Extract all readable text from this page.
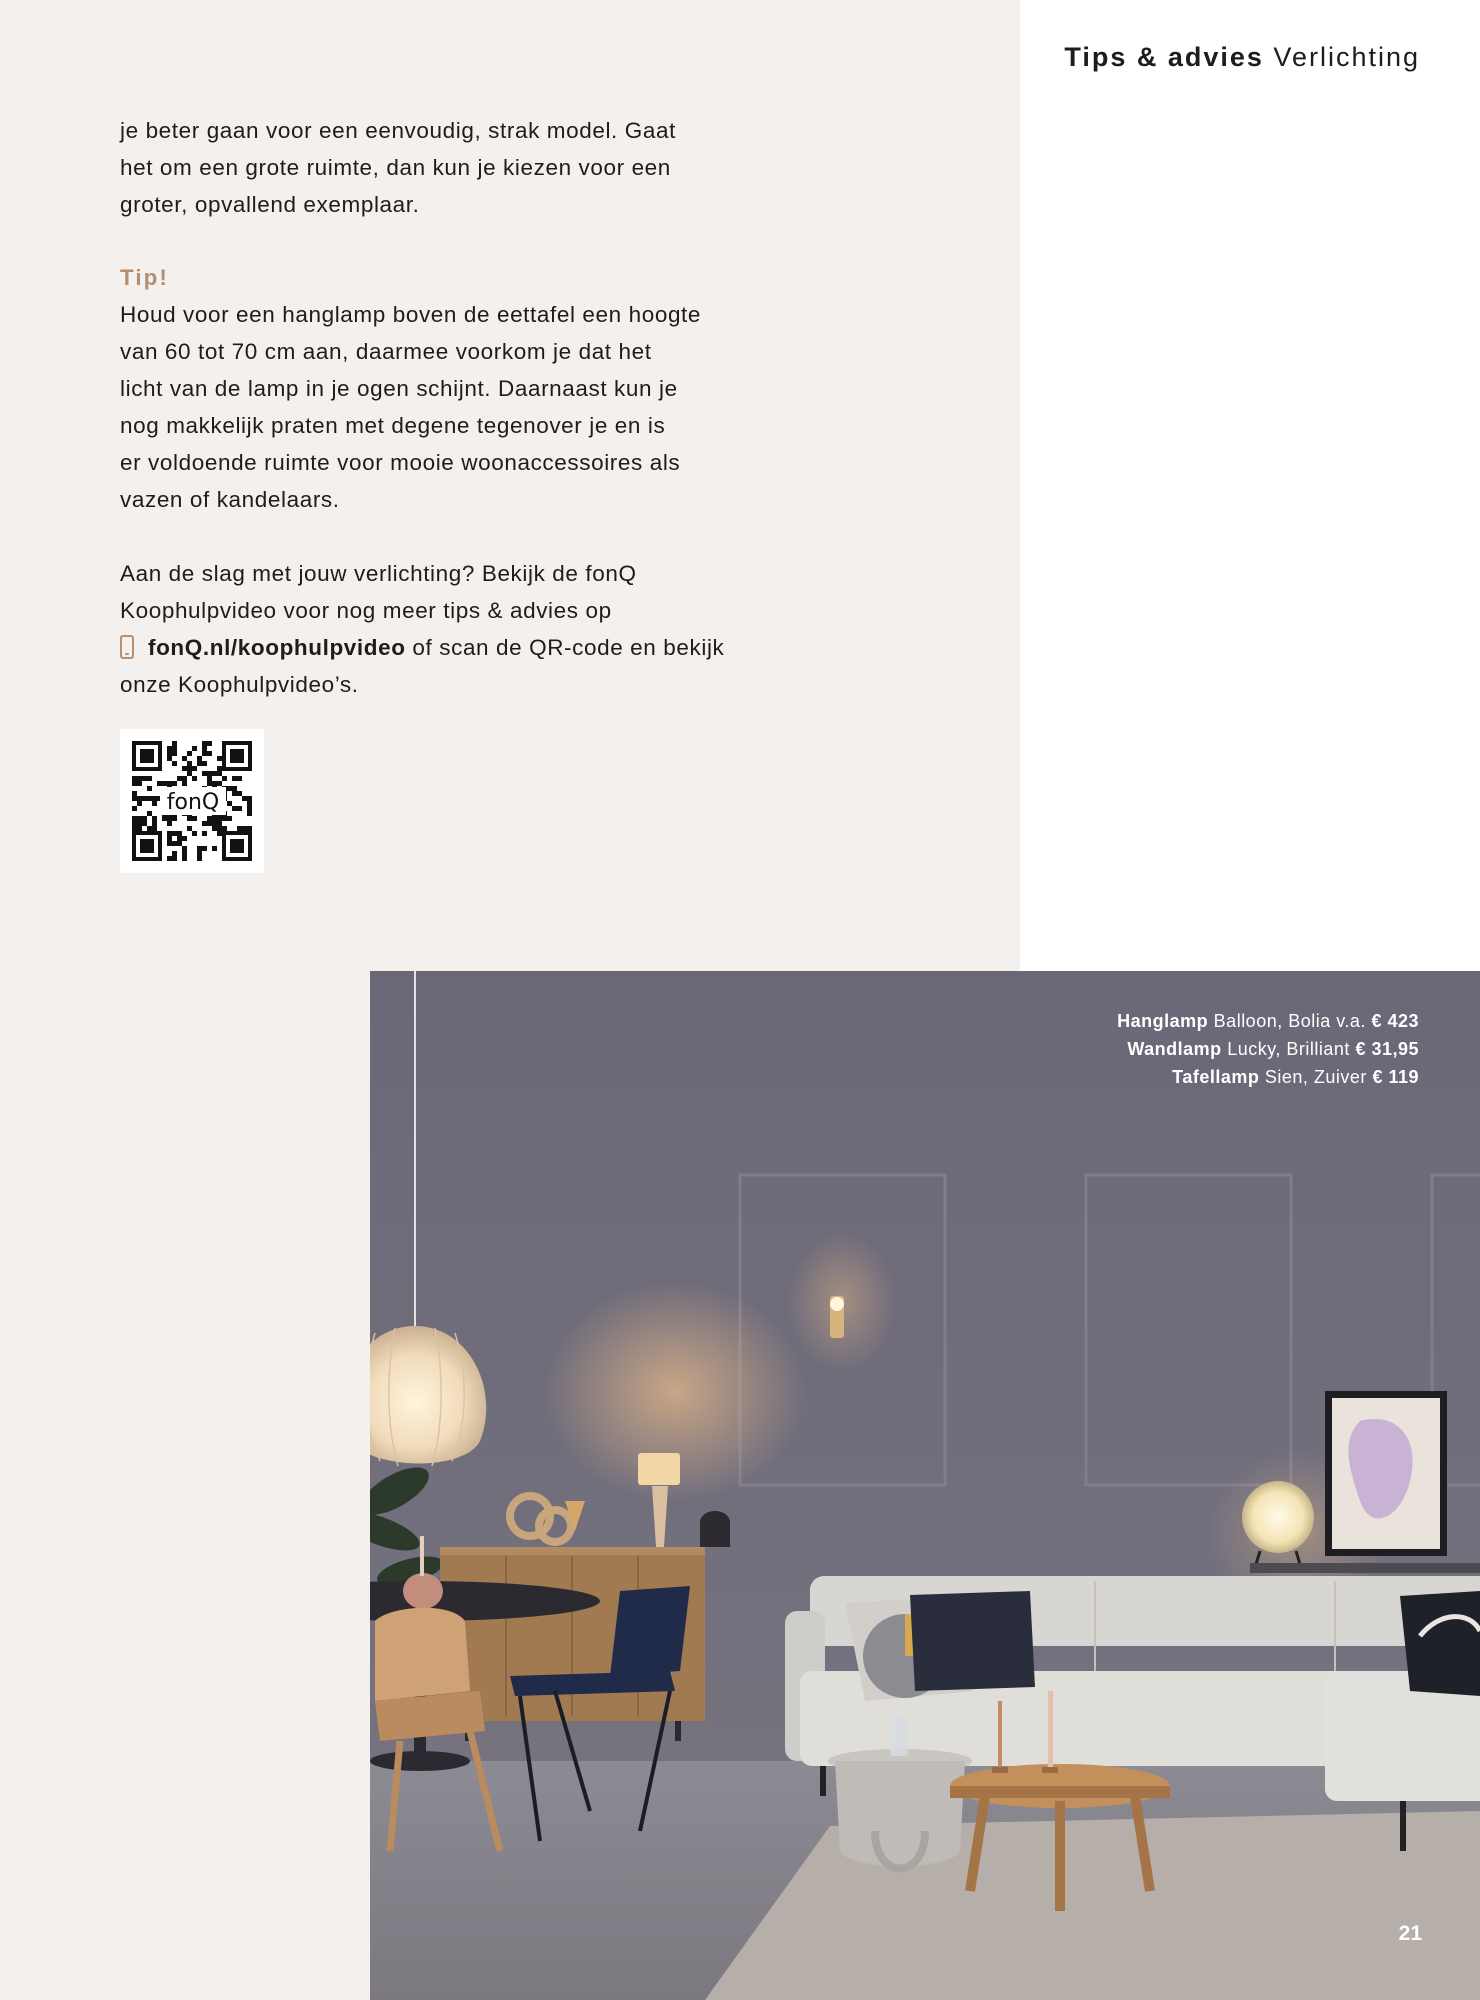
Tips & advies Verlichting

je beter gaan voor een eenvoudig, strak model. Gaat

het om een grote ruimte, dan kun je kiezen voor een

groter, opvallend exemplaar.

Tip!

Houd voor een hanglamp boven de eettafel een hoogte

van 60 tot 70 cm aan, daarmee voorkom je dat het

licht van de lamp in je ogen schijnt. Daarnaast kun je

nog makkelijk praten met degene tegenover je en is

er voldoende ruimte voor mooie woonaccessoires als

vazen of kandelaars.

Aan de slag met jouw verlichting? Bekijk de fonQ

Koophulpvideo voor nog meer tips & advies op

fonQ.nl/koophulpvideo of scan de QR-code en bekijk

onze Koophulpvideo’s.

fonQ
Hanglamp Balloon, Bolia v.a. € 423
Wandlamp Lucky, Brilliant € 31,95
Tafellamp Sien, Zuiver € 119
21
